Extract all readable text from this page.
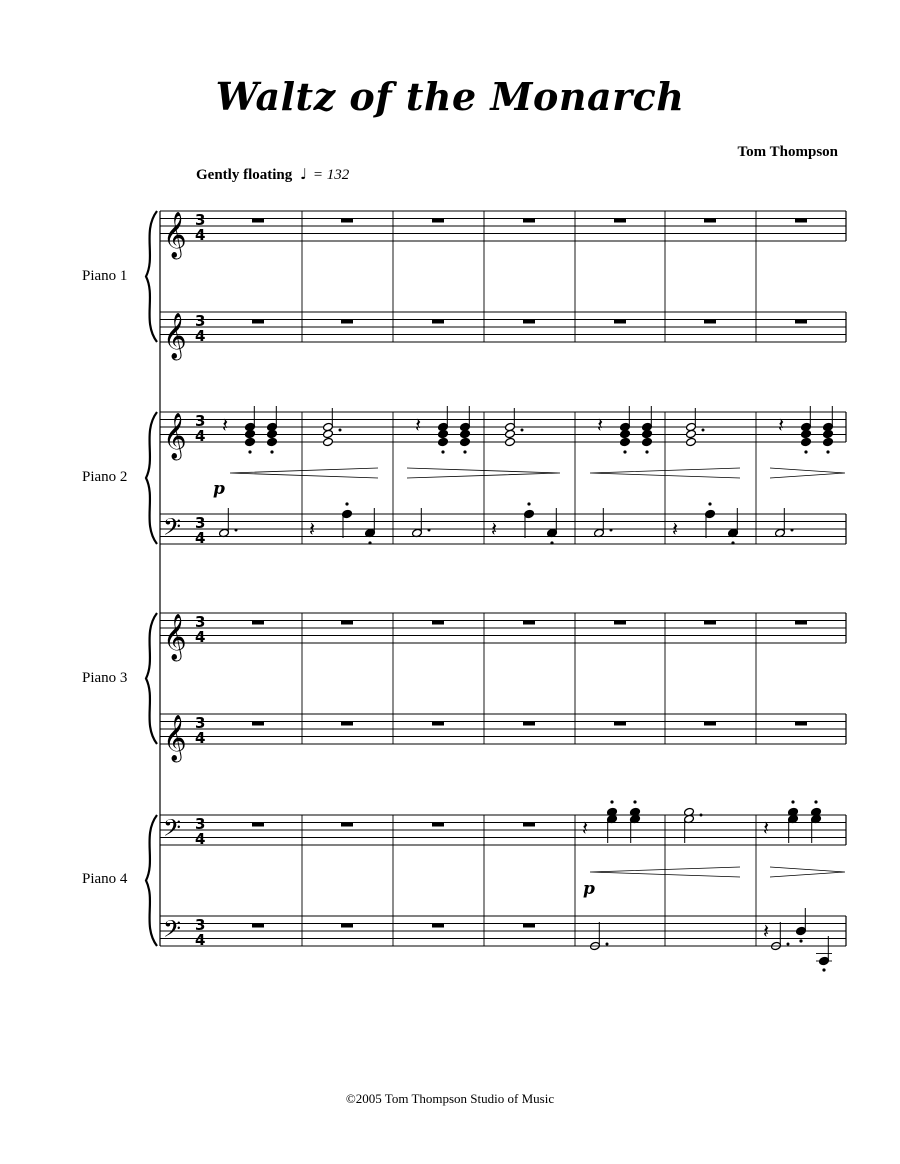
Waltz of the Monarch
Tom Thompson
Gently floating ♩ = 132
Piano 1
Piano 2
Piano 3
Piano 4
𝄞 3
4
𝄞 3
4
𝄞 3
4
𝄢 3
4
𝄞 3
4
𝄞 3
4
𝄢 3
4
𝄢 3
4
𝄽	𝄽	𝄽	𝄽
𝄽	𝄽	𝄽
𝄽	𝄽
𝄽
p
p
©2005 Tom Thompson Studio of Music
